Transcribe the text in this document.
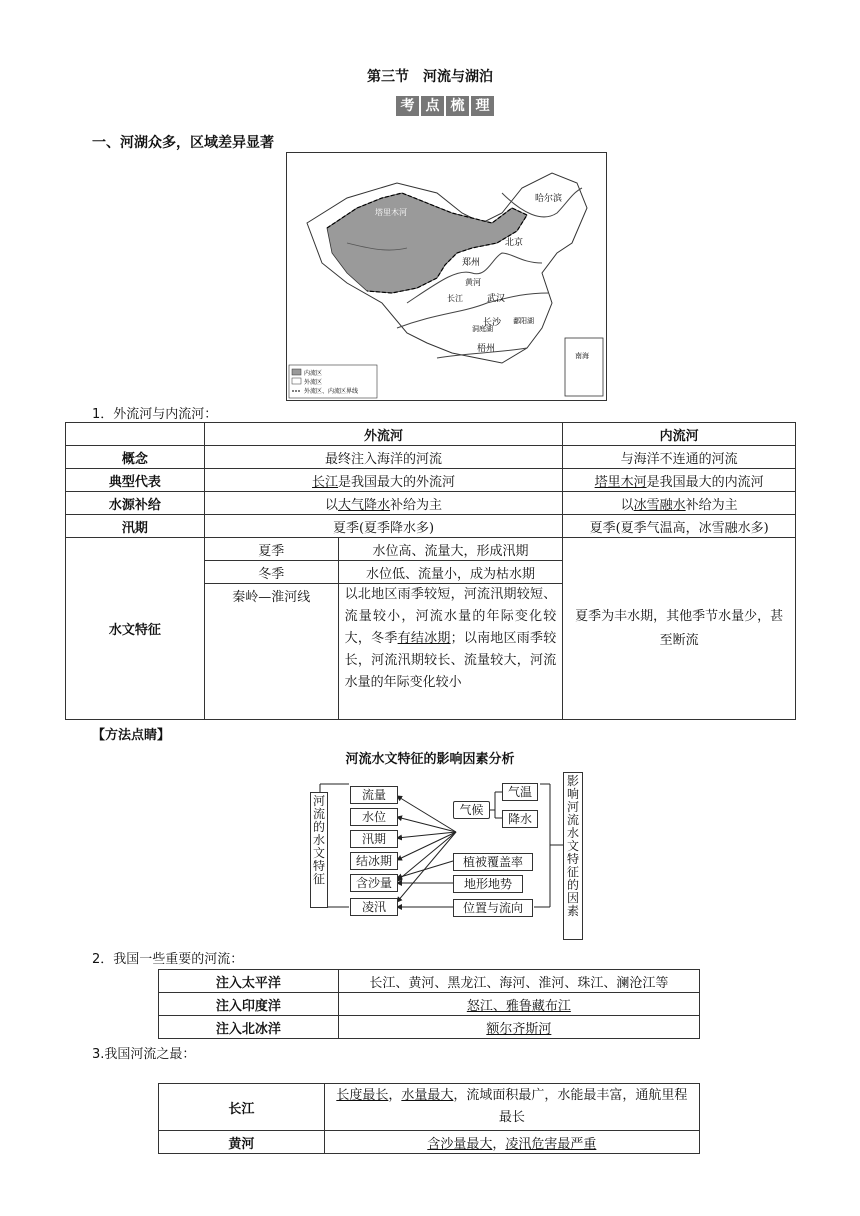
第三节　河流与湖泊
考 点 梳 理
一、河湖众多，区域差异显著
哈尔滨
北京
郑州
武汉
长沙
梧州
塔里木河
长江
黄河
洞庭湖
鄱阳湖
南海
内流区
外流区
外流区、内流区界线
1．外流河与内流河：
	外流河		内流河
概念	最终注入海洋的河流		与海洋不连通的河流
典型代表	长江是我国最大的外流河		塔里木河是我国最大的内流河
水源补给	以大气降水补给为主		以冰雪融水补给为主
汛期	夏季(夏季降水多)		夏季(夏季气温高，冰雪融水多)
水文特征	夏季	水位高、流量大，形成汛期	夏季为丰水期，其他季节水量少，甚至断流
	冬季	水位低、流量小，成为枯水期	
	秦岭—淮河线	以北地区雨季较短，河流汛期较短、流量较小，河流水量的年际变化较大，冬季有结冰期；以南地区雨季较长，河流汛期较长、流量较大，河流水量的年际变化较小	
【方法点睛】
河流水文特征的影响因素分析
河流的水文特征
流量
水位
汛期
结冰期
含沙量
凌汛
气候
气温
降水
植被覆盖率
地形地势
位置与流向
影响河流水文特征的因素
2．我国一些重要的河流：
注入太平洋	长江、黄河、黑龙江、海河、淮河、珠江、澜沧江等
注入印度洋	怒江、雅鲁藏布江
注入北冰洋	额尔齐斯河
3.我国河流之最：
长江	长度最长，水量最大，流域面积最广，水能最丰富，通航里程最长
黄河	含沙量最大，凌汛危害最严重
